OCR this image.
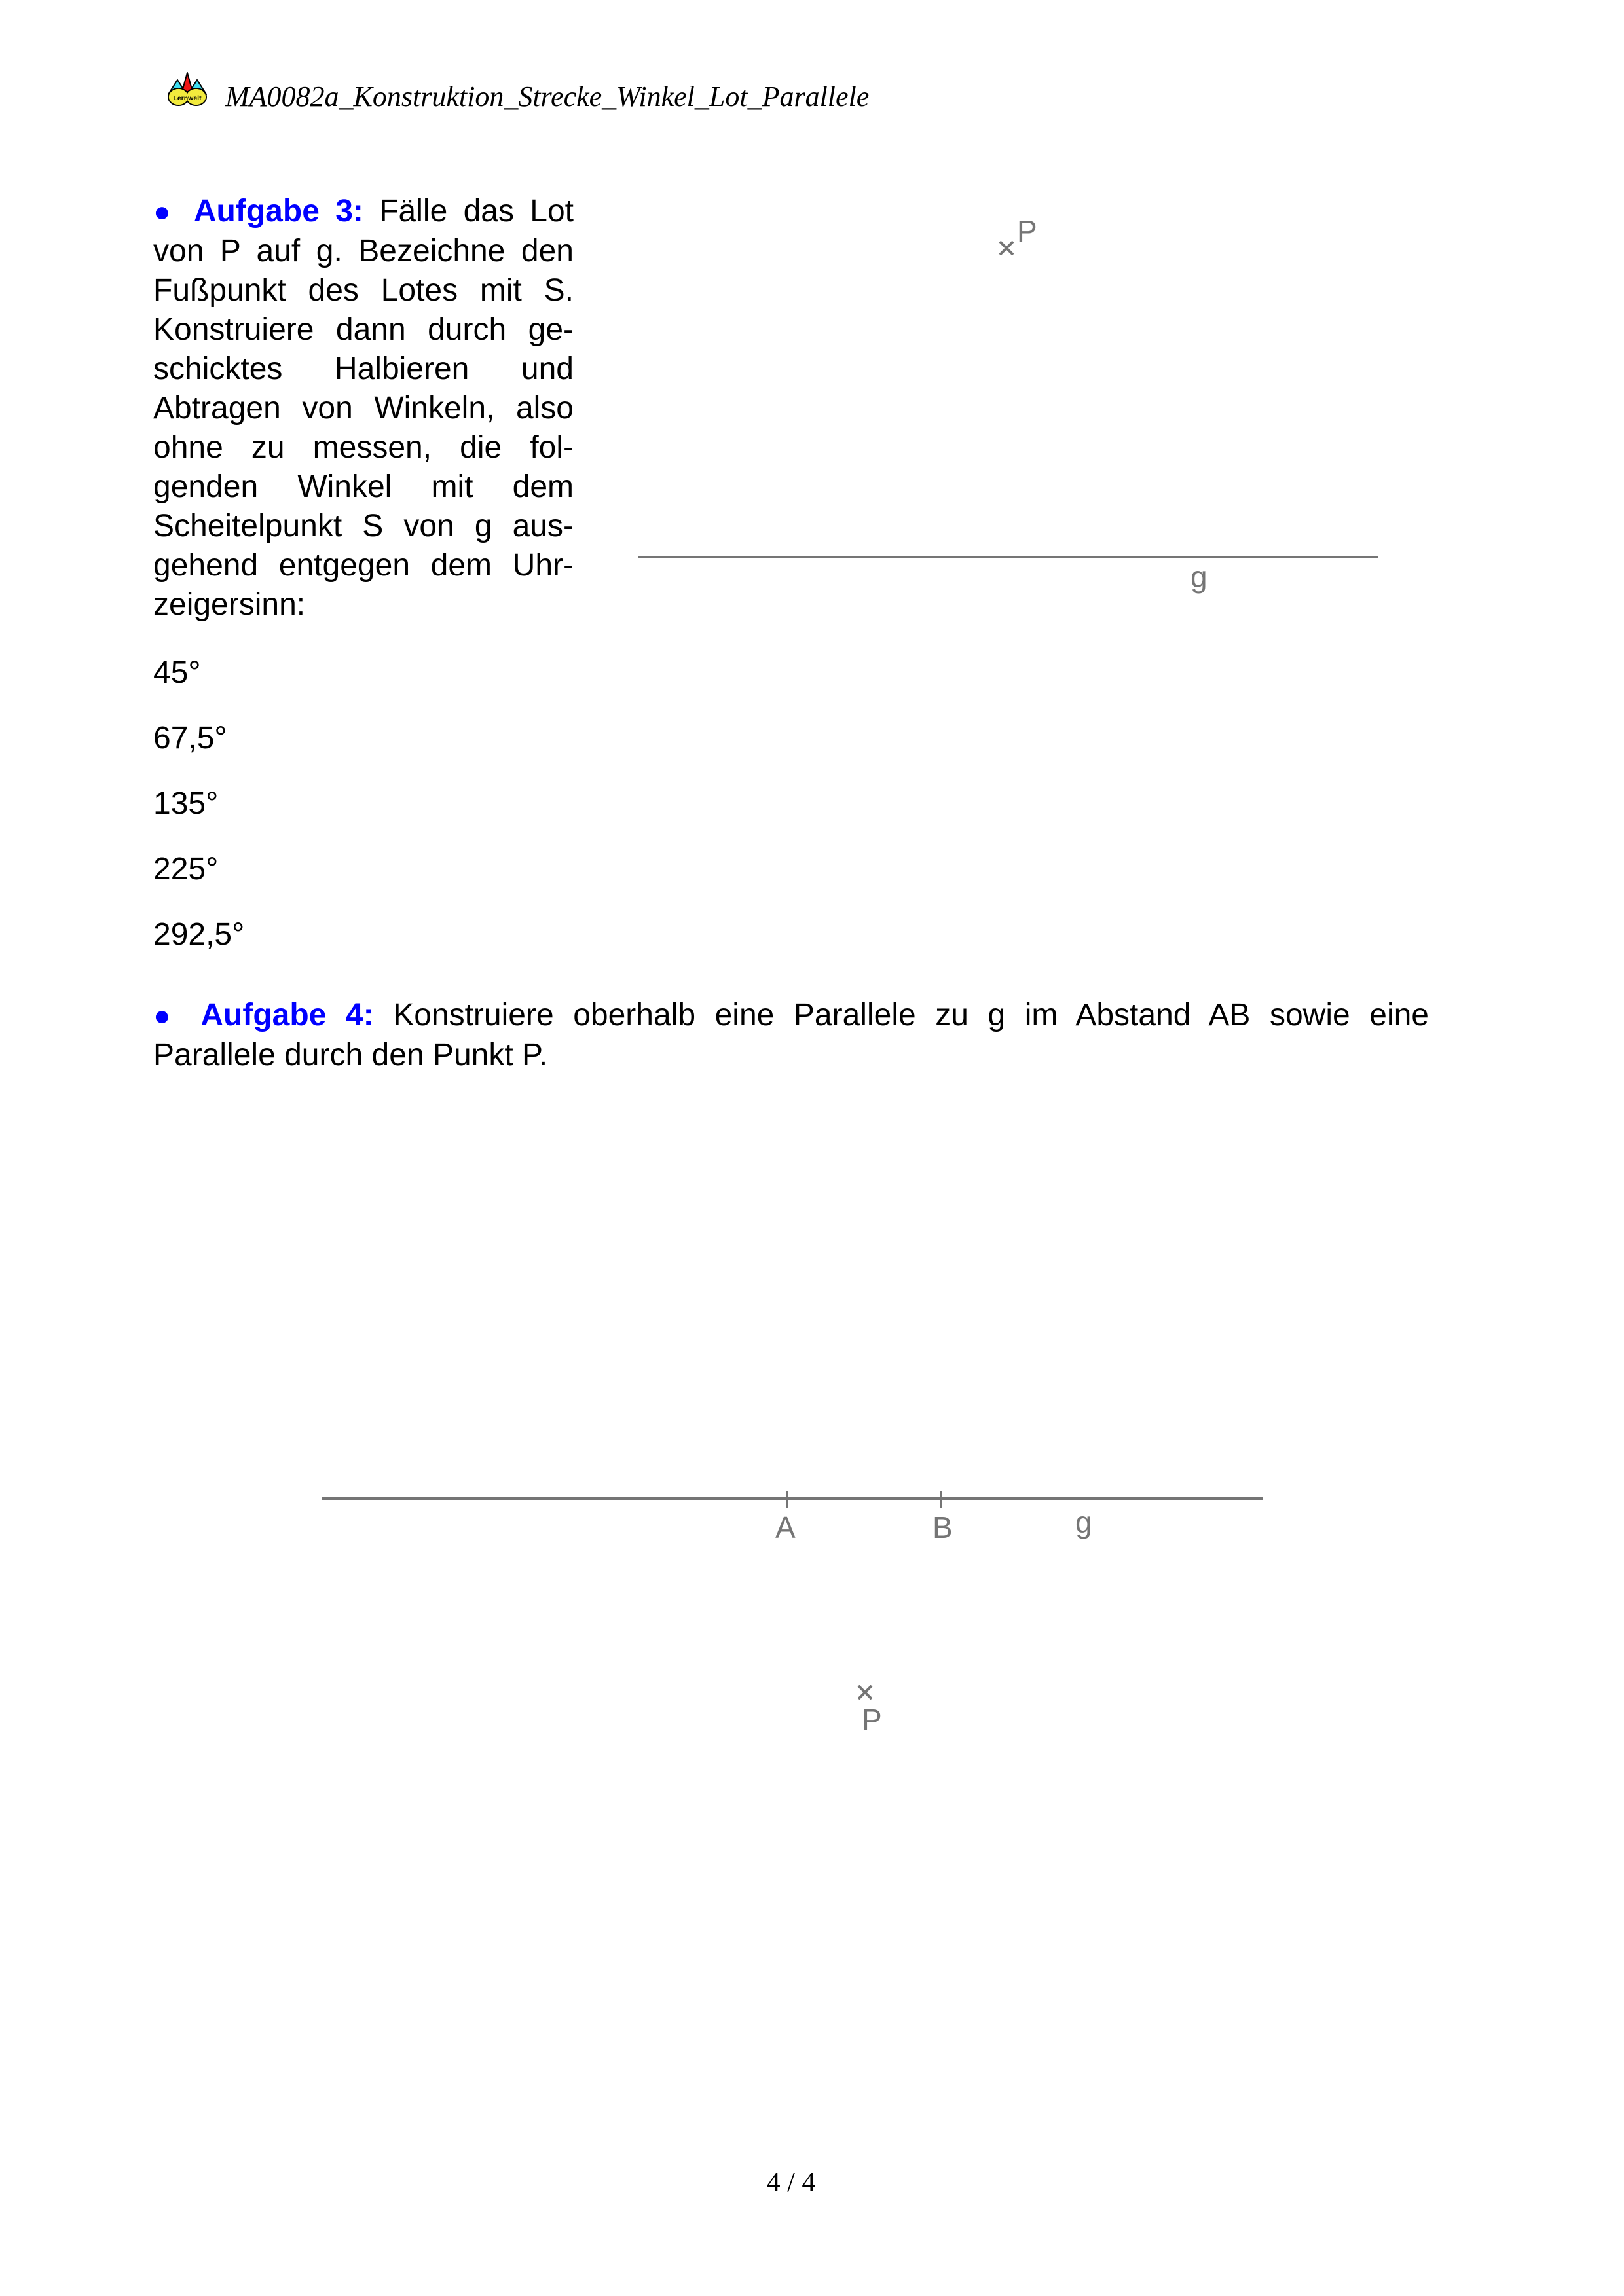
Lernwelt MA0082a_Konstruktion_Strecke_Winkel_Lot_Parallele
● Aufgabe 3: Fälle das Lot
von P auf g. Bezeichne den
Fußpunkt des Lotes mit S.
Konstruiere dann durch ge-
schicktes Halbieren und
Abtragen von Winkeln, also
ohne zu messen, die fol-
genden Winkel mit dem
Scheitelpunkt S von g aus-
gehend entgegen dem Uhr-
zeigersinn:
45°
67,5°
135°
225°
292,5°
P
g
● Aufgabe 4: Konstruiere oberhalb eine Parallele zu g im Abstand AB sowie eine
Parallele durch den Punkt P.
A	B	g
P
4 / 4
